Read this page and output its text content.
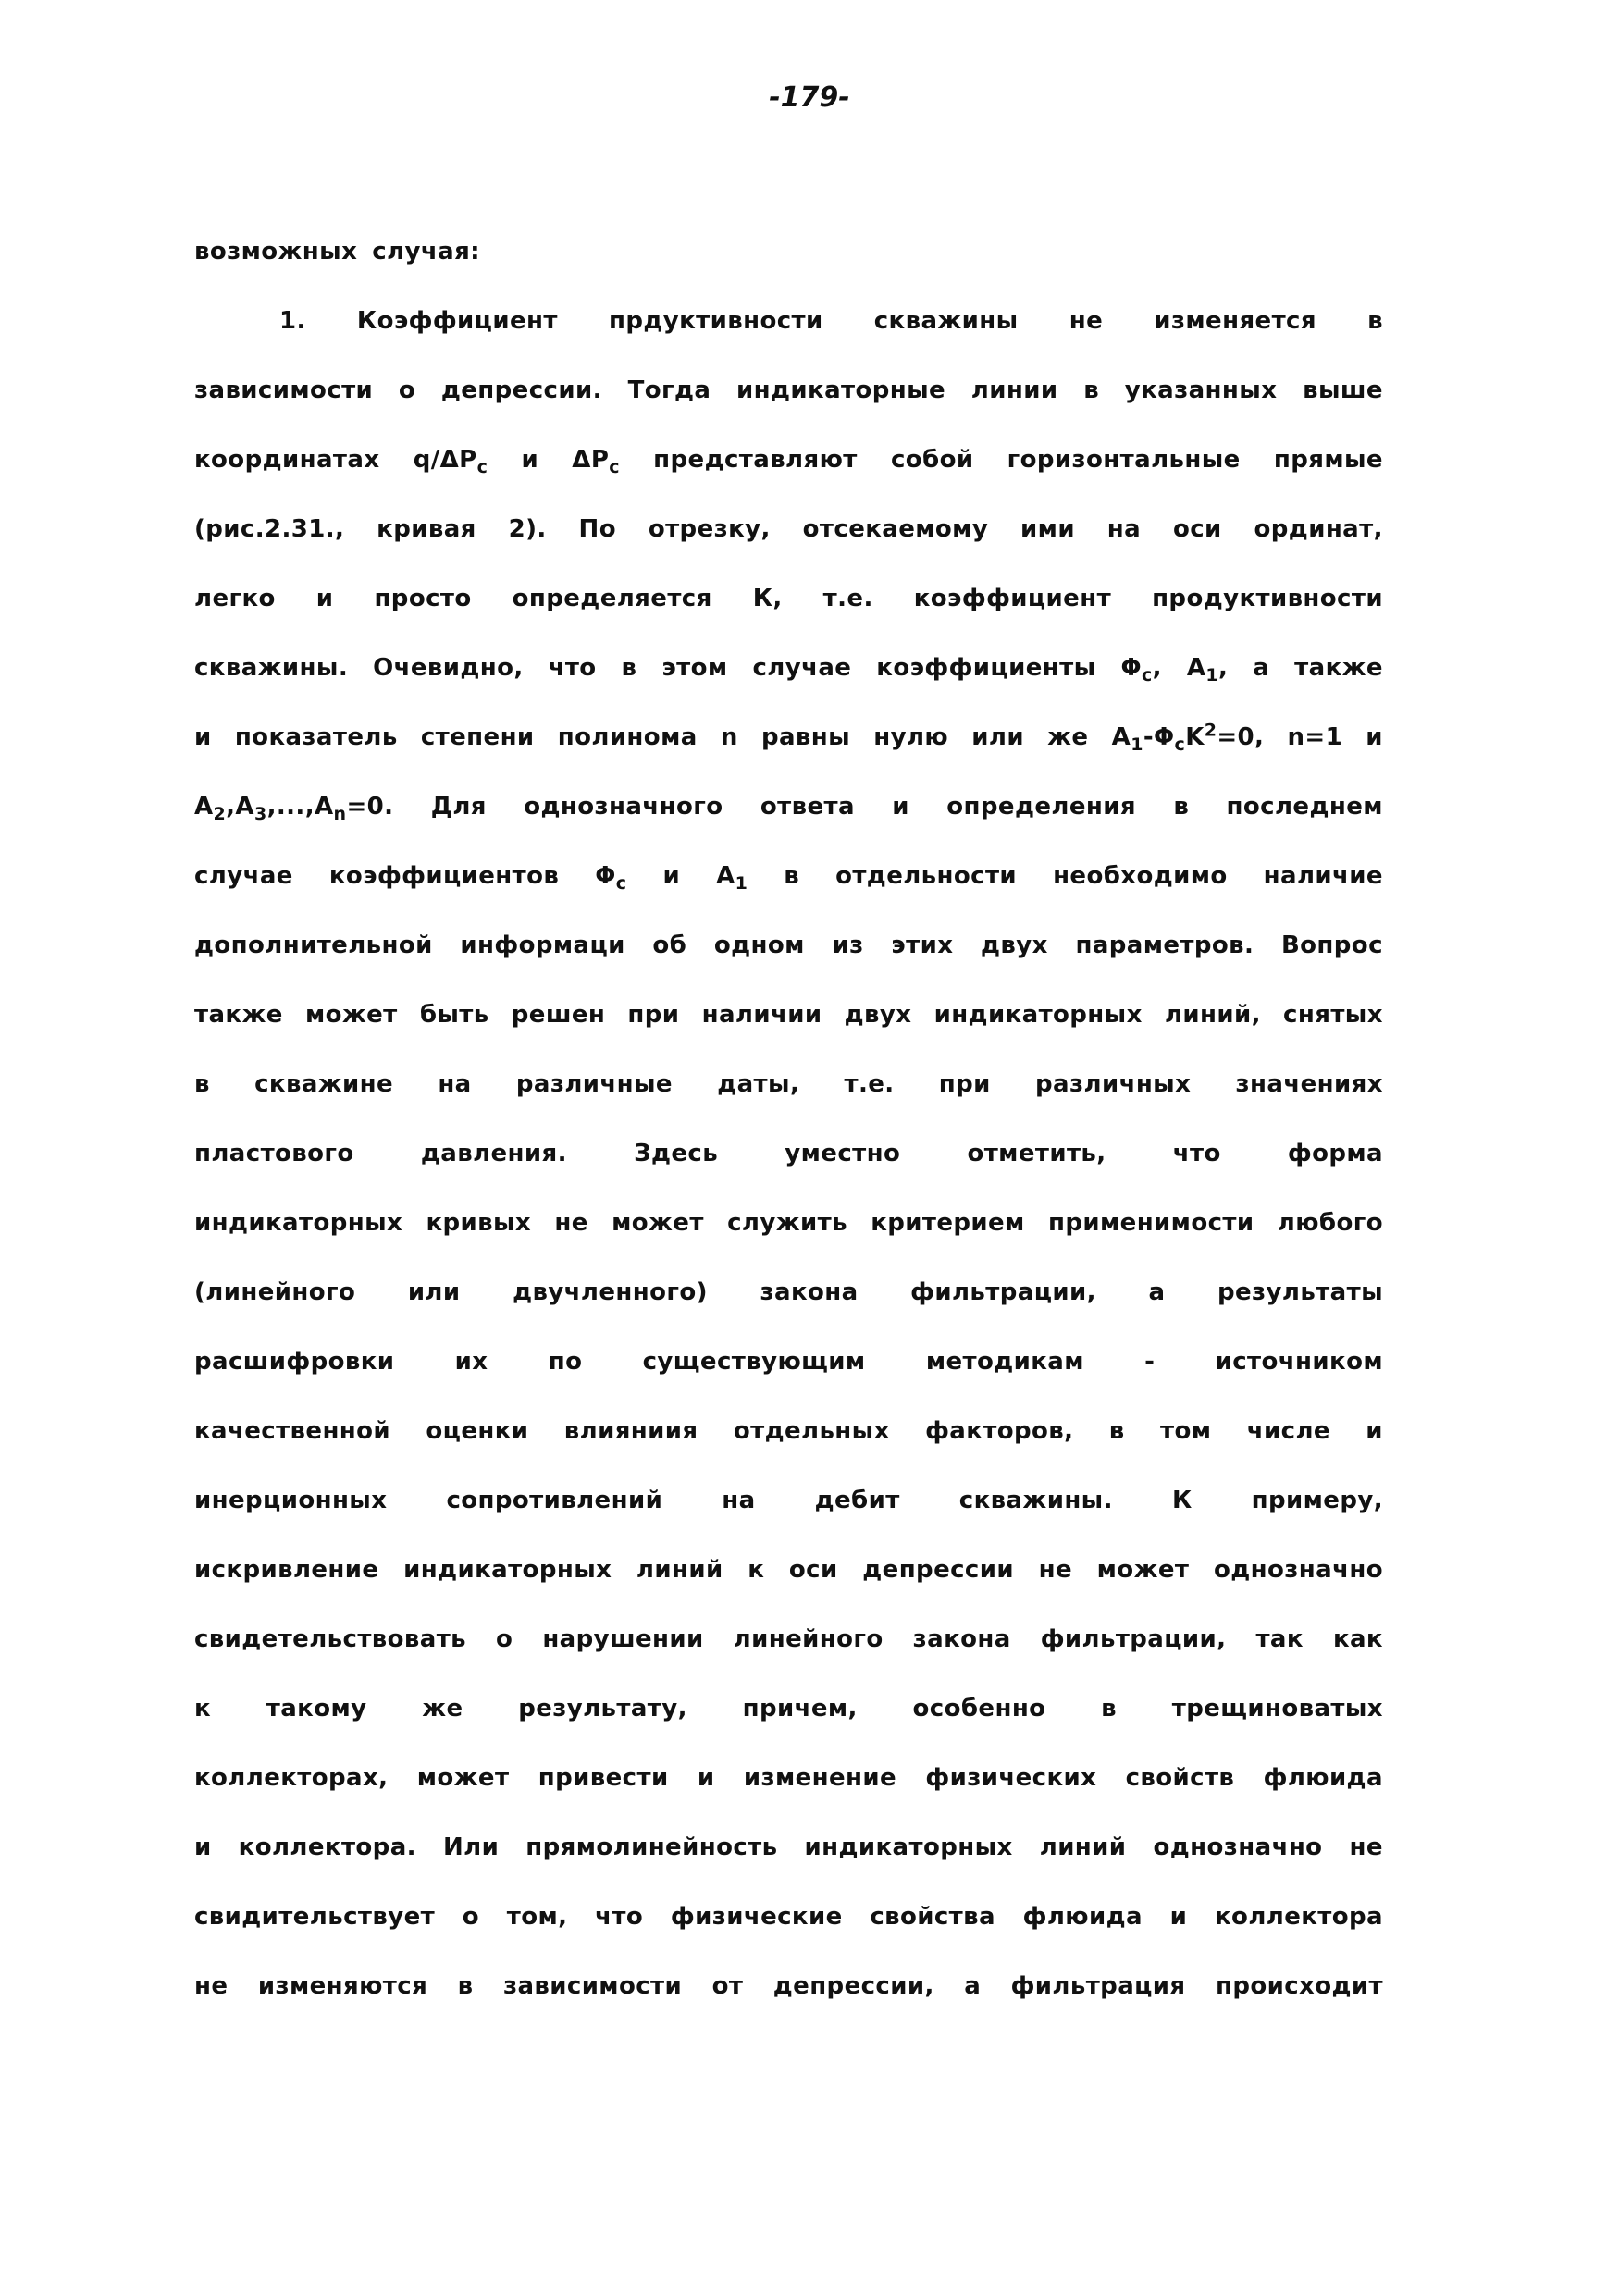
-179-
возможных случая:
1. Коэффициент прдуктивности скважины не изменяется в
зависимости о депрессии. Тогда индикаторные линии в указанных выше
координатах $q/\Delta P_c$ и $\Delta P_c$ представляют собой горизонтальные прямые
(рис.2.31., кривая 2). По отрезку, отсекаемому ими на оси ординат,
легко и просто определяется К, т.е. коэффициент продуктивности
скважины. Очевидно, что в этом случае коэффициенты $\Phi_c$, $A_1$, а также
и показатель степени полинома n равны нулю или же $A_1-\Phi_cK^2=0$, n=1 и
$A_2,A_3,...,A_n=0$. Для однозначного ответа и определения в последнем
случае коэффициентов $\Phi_c$ и $A_1$ в отдельности необходимо наличие
дополнительной информаци об одном из этих двух параметров. Вопрос
также может быть решен при наличии двух индикаторных линий, снятых
в скважине на различные даты, т.е. при различных значениях
пластового	давления.	Здесь	уместно	отметить,	что	форма
индикаторных кривых не может служить критерием применимости любого
(линейного или двучленного) закона фильтрации, а результаты
расшифровки	их	по	существующим	методикам	-	источником
качественной оценки влияниия отдельных факторов, в том числе и
инерционных сопротивлений на дебит скважины. К примеру,
искривление индикаторных линий к оси депрессии не может однозначно
свидетельствовать о нарушении линейного закона фильтрации, так как
к такому же результату, причем, особенно в трещиноватых
коллекторах, может привести и изменение физических свойств флюида
и коллектора. Или прямолинейность индикаторных линий однозначно не
свидительствует о том, что физические свойства флюида и коллектора
не изменяются в зависимости от депрессии, а фильтрация происходит
